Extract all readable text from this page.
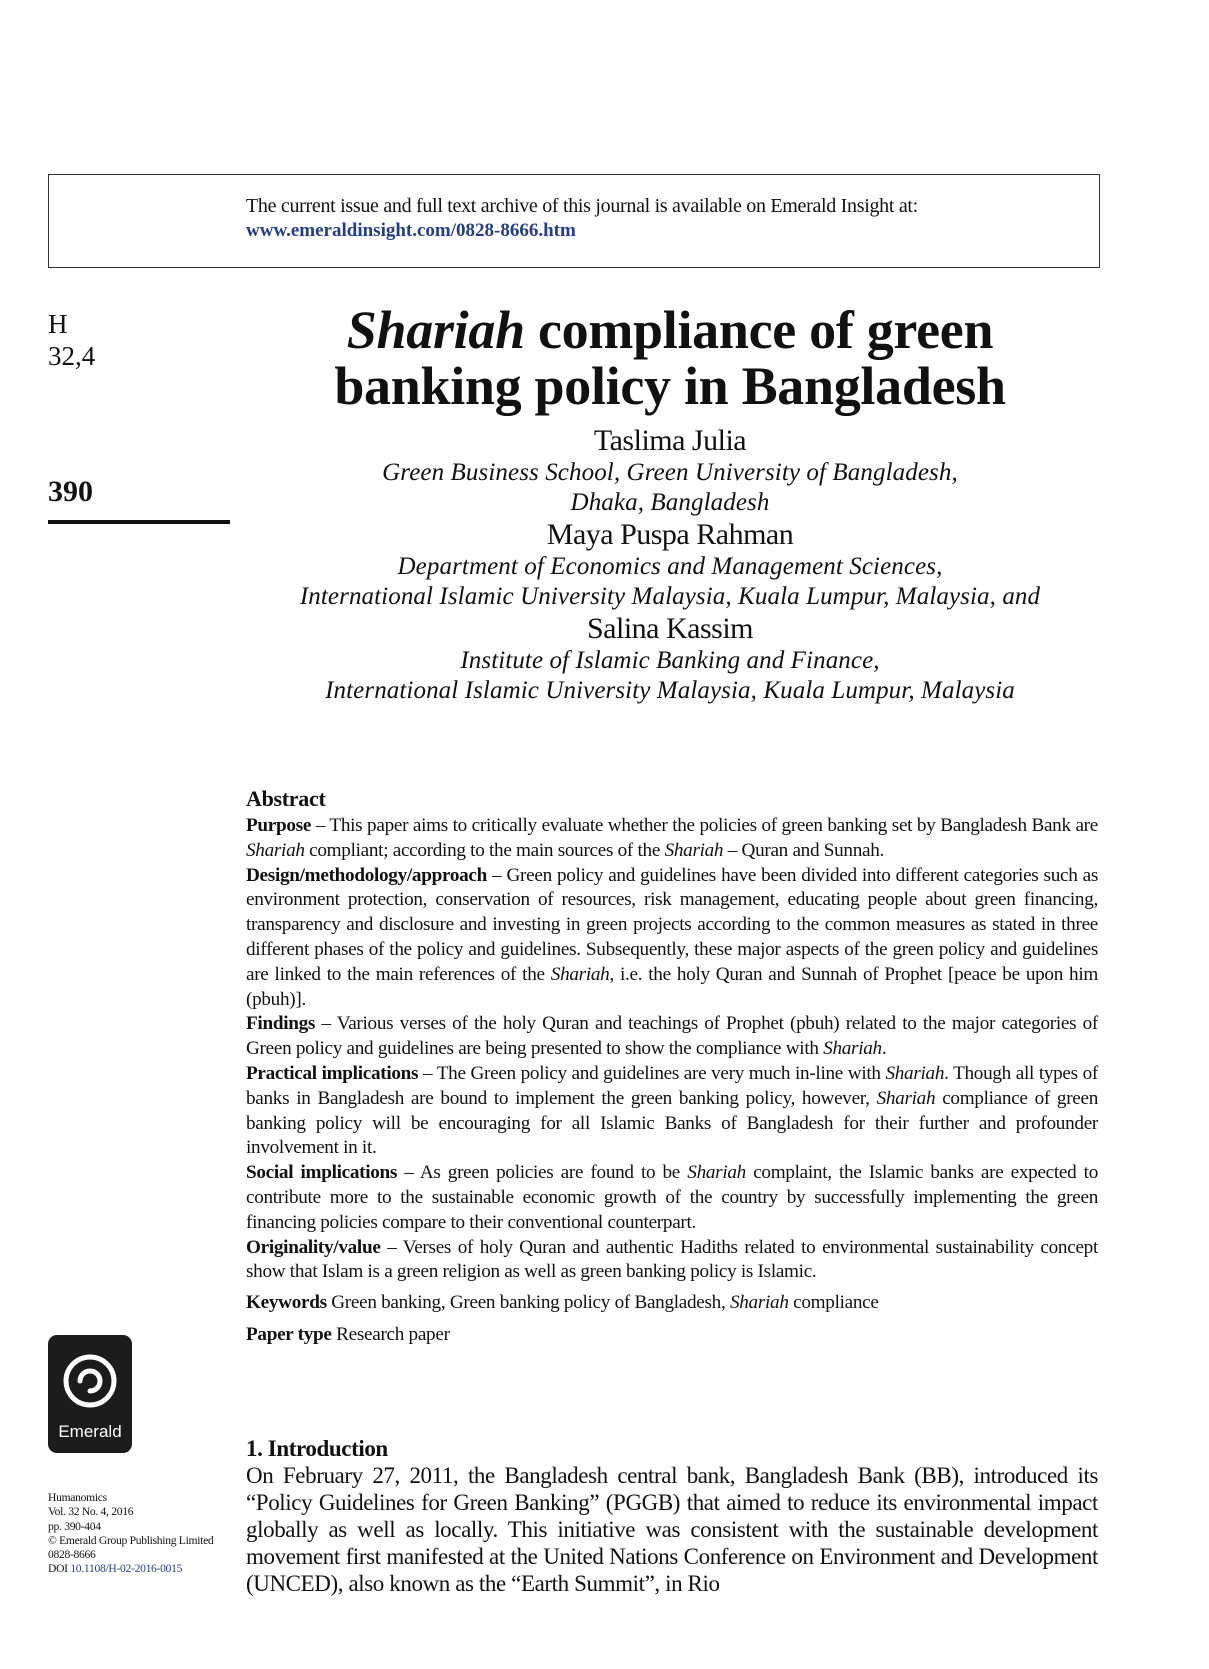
The current issue and full text archive of this journal is available on Emerald Insight at:
www.emeraldinsight.com/0828-8666.htm
H
32,4
390
Shariah compliance of green
banking policy in Bangladesh
Taslima Julia
Green Business School, Green University of Bangladesh,
Dhaka, Bangladesh
Maya Puspa Rahman
Department of Economics and Management Sciences,
International Islamic University Malaysia, Kuala Lumpur, Malaysia, and
Salina Kassim
Institute of Islamic Banking and Finance,
International Islamic University Malaysia, Kuala Lumpur, Malaysia
Abstract

Purpose – This paper aims to critically evaluate whether the policies of green banking set by Bangladesh Bank are Shariah compliant; according to the main sources of the Shariah – Quran and Sunnah.

Design/methodology/approach – Green policy and guidelines have been divided into different categories such as environment protection, conservation of resources, risk management, educating people about green financing, transparency and disclosure and investing in green projects according to the common measures as stated in three different phases of the policy and guidelines. Subsequently, these major aspects of the green policy and guidelines are linked to the main references of the Shariah, i.e. the holy Quran and Sunnah of Prophet [peace be upon him (pbuh)].

Findings – Various verses of the holy Quran and teachings of Prophet (pbuh) related to the major categories of Green policy and guidelines are being presented to show the compliance with Shariah.

Practical implications – The Green policy and guidelines are very much in-line with Shariah. Though all types of banks in Bangladesh are bound to implement the green banking policy, however, Shariah compliance of green banking policy will be encouraging for all Islamic Banks of Bangladesh for their further and profounder involvement in it.

Social implications – As green policies are found to be Shariah complaint, the Islamic banks are expected to contribute more to the sustainable economic growth of the country by successfully implementing the green financing policies compare to their conventional counterpart.

Originality/value – Verses of holy Quran and authentic Hadiths related to environmental sustainability concept show that Islam is a green religion as well as green banking policy is Islamic.

Keywords Green banking, Green banking policy of Bangladesh, Shariah compliance

Paper type Research paper

1. Introduction

On February 27, 2011, the Bangladesh central bank, Bangladesh Bank (BB), introduced its “Policy Guidelines for Green Banking” (PGGB) that aimed to reduce its environmental impact globally as well as locally. This initiative was consistent with the sustainable development movement first manifested at the United Nations Conference on Environment and Development (UNCED), also known as the “Earth Summit”, in Rio

Emerald
Humanomics
Vol. 32 No. 4, 2016
pp. 390-404
© Emerald Group Publishing Limited
0828-8666
DOI 10.1108/H-02-2016-0015
